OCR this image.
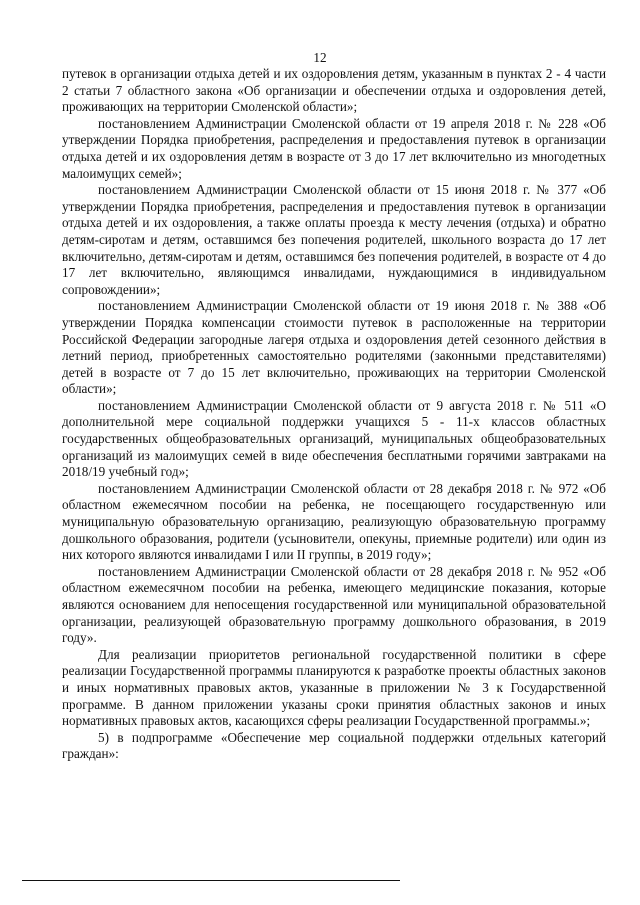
12

путевок в организации отдыха детей и их оздоровления детям, указанным в пунктах 2 - 4 части 2 статьи 7 областного закона «Об организации и обеспечении отдыха и оздоровления детей, проживающих на территории Смоленской области»;

постановлением Администрации Смоленской области от 19 апреля 2018 г. № 228 «Об утверждении Порядка приобретения, распределения и предоставления путевок в организации отдыха детей и их оздоровления детям в возрасте от 3 до 17 лет включительно из многодетных малоимущих семей»;

постановлением Администрации Смоленской области от 15 июня 2018 г. № 377 «Об утверждении Порядка приобретения, распределения и предоставления путевок в организации отдыха детей и их оздоровления, а также оплаты проезда к месту лечения (отдыха) и обратно детям-сиротам и детям, оставшимся без попечения родителей, школьного возраста до 17 лет включительно, детям-сиротам и детям, оставшимся без попечения родителей, в возрасте от 4 до 17 лет включительно, являющимся инвалидами, нуждающимися в индивидуальном сопровождении»;

постановлением Администрации Смоленской области от 19 июня 2018 г. № 388 «Об утверждении Порядка компенсации стоимости путевок в расположенные на территории Российской Федерации загородные лагеря отдыха и оздоровления детей сезонного действия в летний период, приобретенных самостоятельно родителями (законными представителями) детей в возрасте от 7 до 15 лет включительно, проживающих на территории Смоленской области»;

постановлением Администрации Смоленской области от 9 августа 2018 г. № 511 «О дополнительной мере социальной поддержки учащихся 5 - 11-х классов областных государственных общеобразовательных организаций, муниципальных общеобразовательных организаций из малоимущих семей в виде обеспечения бесплатными горячими завтраками на 2018/19 учебный год»;

постановлением Администрации Смоленской области от 28 декабря 2018 г. № 972 «Об областном ежемесячном пособии на ребенка, не посещающего государственную или муниципальную образовательную организацию, реализующую образовательную программу дошкольного образования, родители (усыновители, опекуны, приемные родители) или один из них которого являются инвалидами I или II группы, в 2019 году»;

постановлением Администрации Смоленской области от 28 декабря 2018 г. № 952 «Об областном ежемесячном пособии на ребенка, имеющего медицинские показания, которые являются основанием для непосещения государственной или муниципальной образовательной организации, реализующей образовательную программу дошкольного образования, в 2019 году».

Для реализации приоритетов региональной государственной политики в сфере реализации Государственной программы планируются к разработке проекты областных законов и иных нормативных правовых актов, указанные в приложении № 3 к Государственной программе. В данном приложении указаны сроки принятия областных законов и иных нормативных правовых актов, касающихся сферы реализации Государственной программы.»;

5) в подпрограмме «Обеспечение мер социальной поддержки отдельных категорий граждан»:
